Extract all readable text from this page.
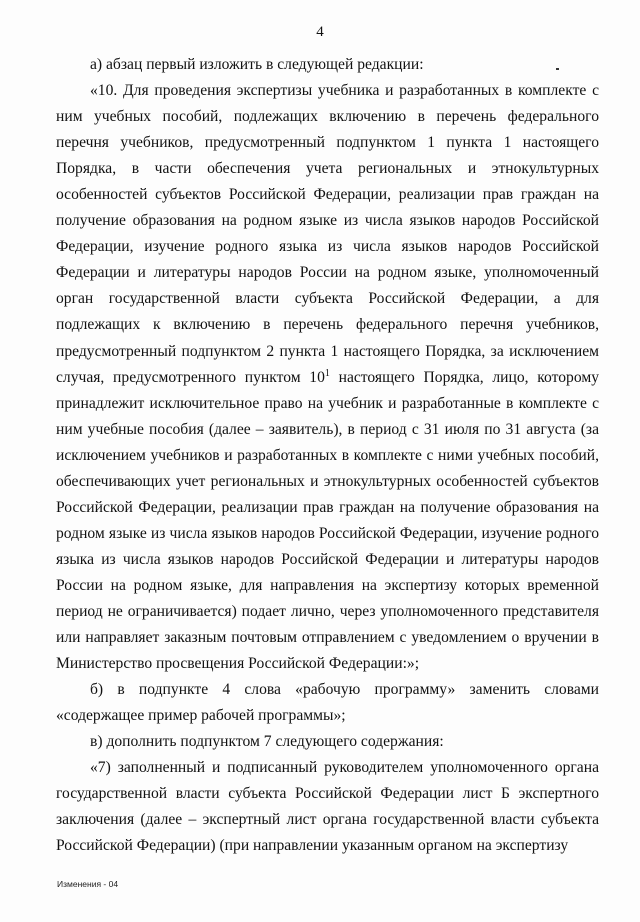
4

а) абзац первый изложить в следующей редакции:

«10. Для проведения экспертизы учебника и разработанных в комплекте с ним учебных пособий, подлежащих включению в перечень федерального перечня учебников, предусмотренный подпунктом 1 пункта 1 настоящего Порядка, в части обеспечения учета региональных и этнокультурных особенностей субъектов Российской Федерации, реализации прав граждан на получение образования на родном языке из числа языков народов Российской Федерации, изучение родного языка из числа языков народов Российской Федерации и литературы народов России на родном языке, уполномоченный орган государственной власти субъекта Российской Федерации, а для подлежащих к включению в перечень федерального перечня учебников, предусмотренный подпунктом 2 пункта 1 настоящего Порядка, за исключением случая, предусмотренного пунктом $10^1$ настоящего Порядка, лицо, которому принадлежит исключительное право на учебник и разработанные в комплекте с ним учебные пособия (далее – заявитель), в период с 31 июля по 31 августа (за исключением учебников и разработанных в комплекте с ними учебных пособий, обеспечивающих учет региональных и этнокультурных особенностей субъектов Российской Федерации, реализации прав граждан на получение образования на родном языке из числа языков народов Российской Федерации, изучение родного языка из числа языков народов Российской Федерации и литературы народов России на родном языке, для направления на экспертизу которых временной период не ограничивается) подает лично, через уполномоченного представителя или направляет заказным почтовым отправлением с уведомлением о вручении в Министерство просвещения Российской Федерации:»;

б) в подпункте 4 слова «рабочую программу» заменить словами «содержащее пример рабочей программы»;

в) дополнить подпунктом 7 следующего содержания:

«7) заполненный и подписанный руководителем уполномоченного органа государственной власти субъекта Российской Федерации лист Б экспертного заключения (далее – экспертный лист органа государственной власти субъекта Российской Федерации) (при направлении указанным органом на экспертизу

Изменения - 04
